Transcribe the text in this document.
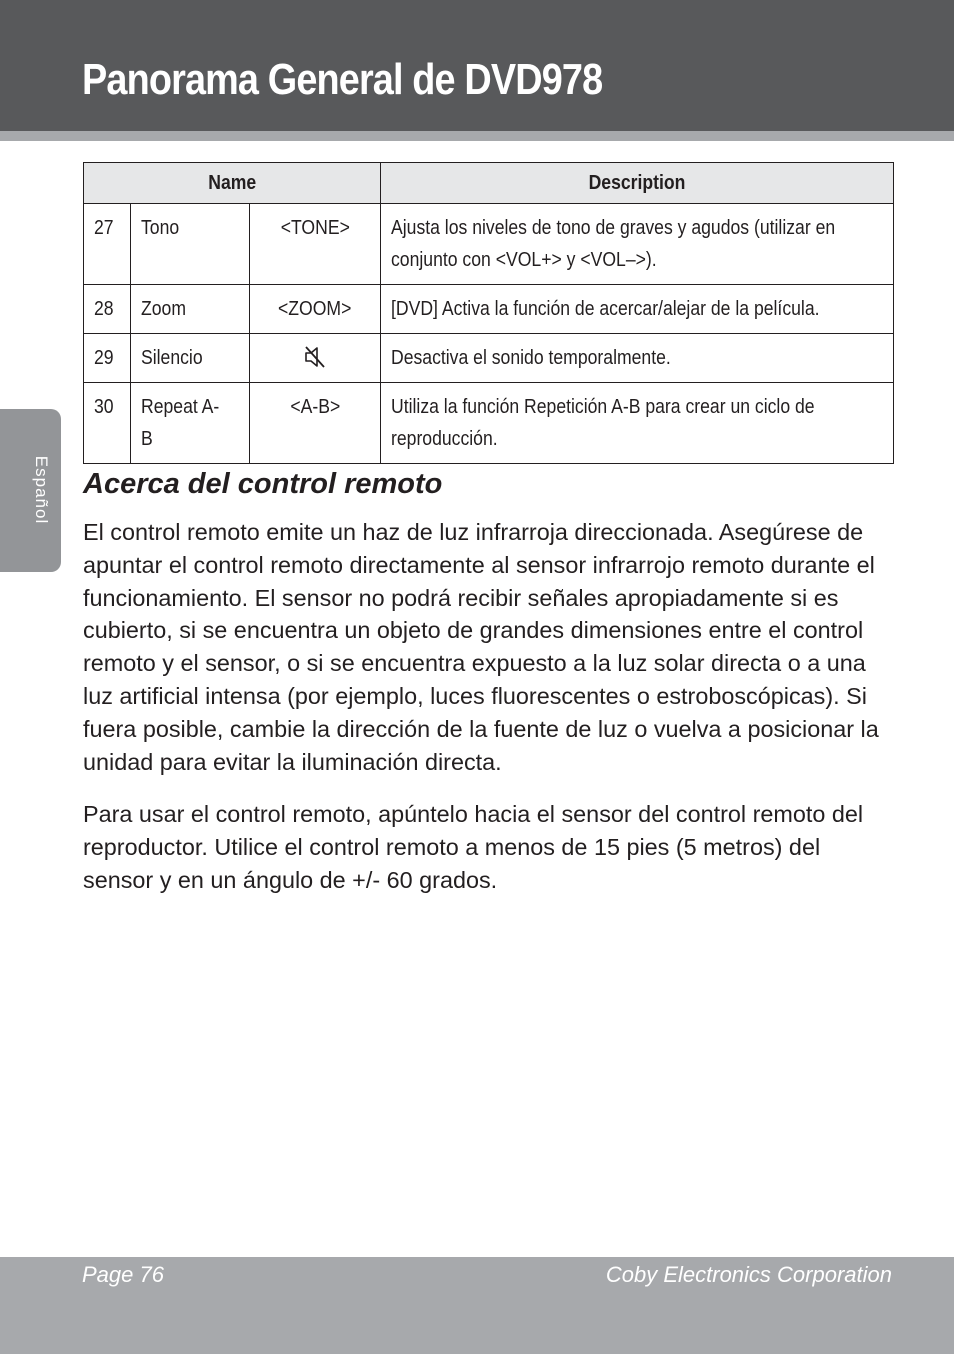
Panorama General de DVD978
Español
Name			Description
27	Tono	<TONE>	Ajusta los niveles de tono de graves y agudos (utilizar en conjunto con <VOL+> y <VOL–>).
28	Zoom	<ZOOM>	[DVD] Activa la función de acercar/alejar de la película.
29	Silencio		Desactiva el sonido temporalmente.
30	Repeat A-B	<A-B>	Utiliza la función Repetición A-B para crear un ciclo de reproducción.
Acerca del control remoto

El control remoto emite un haz de luz infrarroja direccionada. Asegúrese de apuntar el control remoto directamente al sensor infrarrojo remoto durante el funcionamiento. El sensor no podrá recibir señales apropiadamente si es cubierto, si se encuentra un objeto de grandes dimensiones entre el control remoto y el sensor, o si se encuentra expuesto a la luz solar directa o a una luz artificial intensa (por ejemplo, luces fluorescentes o estroboscópicas). Si fuera posible, cambie la dirección de la fuente de luz o vuelva a posicionar la unidad para evitar la iluminación directa.

Para usar el control remoto, apúntelo hacia el sensor del control remoto del reproductor. Utilice el control remoto a menos de 15 pies (5 metros) del sensor y en un ángulo de +/- 60 grados.

Page 76	Coby Electronics Corporation
